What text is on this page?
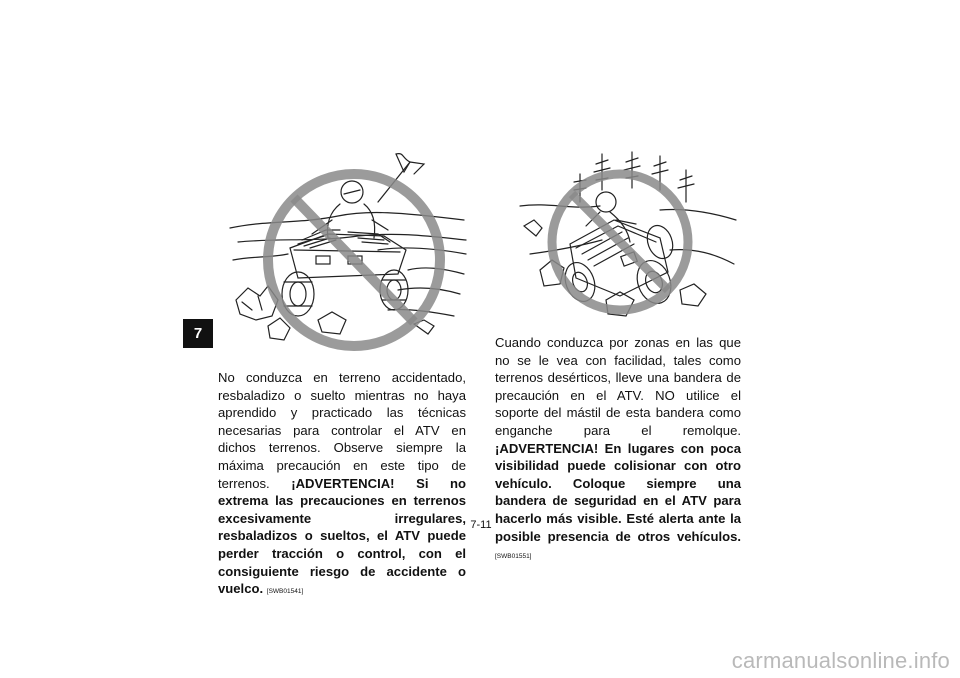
7
No conduzca en terreno accidentado, resbaladizo o suelto mientras no haya aprendido y practicado las técnicas necesarias para controlar el ATV en dichos terrenos. Observe siempre la máxima precaución en este tipo de terrenos. ¡ADVERTENCIA! Si no extrema las precauciones en terrenos excesivamente irregulares, resbaladizos o sueltos, el ATV puede perder tracción o control, con el consiguiente riesgo de accidente o vuelco. [SWB01541]
Cuando conduzca por zonas en las que no se le vea con facilidad, tales como terrenos desérticos, lleve una bandera de precaución en el ATV. NO utilice el soporte del mástil de esta bandera como enganche para el remolque. ¡ADVERTENCIA! En lugares con poca visibilidad puede colisionar con otro vehículo. Coloque siempre una bandera de seguridad en el ATV para hacerlo más visible. Esté alerta ante la posible presencia de otros vehículos. [SWB01551]
7-11
carmanualsonline.info
